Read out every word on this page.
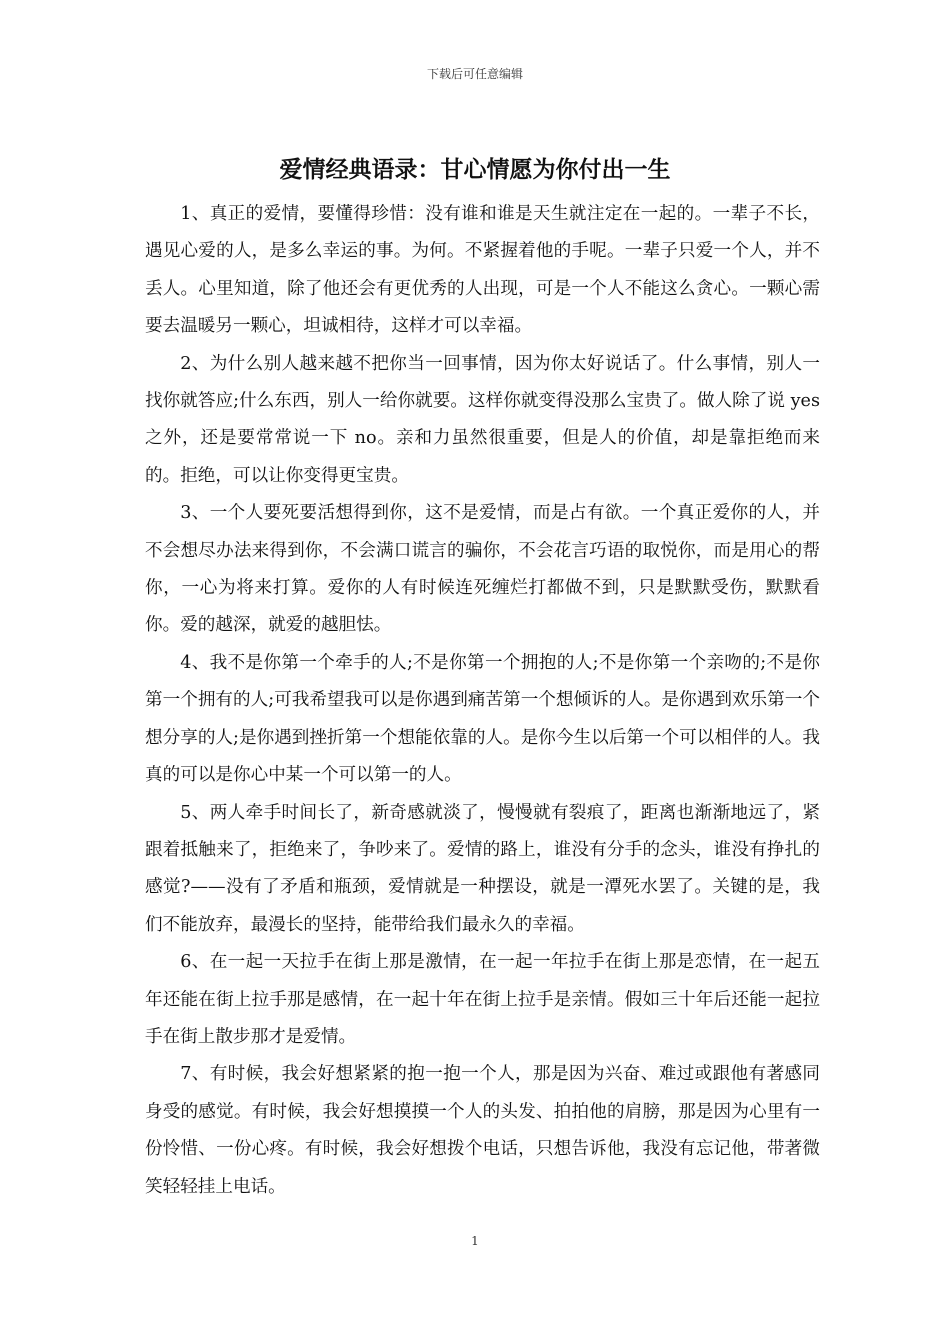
下载后可任意编辑
爱情经典语录：甘心情愿为你付出一生

1、真正的爱情，要懂得珍惜：没有谁和谁是天生就注定在一起的。一辈子不长，遇见心爱的人，是多么幸运的事。为何。不紧握着他的手呢。一辈子只爱一个人，并不丢人。心里知道，除了他还会有更优秀的人出现，可是一个人不能这么贪心。一颗心需要去温暖另一颗心，坦诚相待，这样才可以幸福。

2、为什么别人越来越不把你当一回事情，因为你太好说话了。什么事情，别人一找你就答应;什么东西，别人一给你就要。这样你就变得没那么宝贵了。做人除了说 yes 之外，还是要常常说一下 no。亲和力虽然很重要，但是人的价值，却是靠拒绝而来的。拒绝，可以让你变得更宝贵。

3、一个人要死要活想得到你，这不是爱情，而是占有欲。一个真正爱你的人，并不会想尽办法来得到你，不会满口谎言的骗你，不会花言巧语的取悦你，而是用心的帮你，一心为将来打算。爱你的人有时候连死缠烂打都做不到，只是默默受伤，默默看你。爱的越深，就爱的越胆怯。

4、我不是你第一个牵手的人;不是你第一个拥抱的人;不是你第一个亲吻的;不是你第一个拥有的人;可我希望我可以是你遇到痛苦第一个想倾诉的人。是你遇到欢乐第一个想分享的人;是你遇到挫折第一个想能依靠的人。是你今生以后第一个可以相伴的人。我真的可以是你心中某一个可以第一的人。

5、两人牵手时间长了，新奇感就淡了，慢慢就有裂痕了，距离也渐渐地远了，紧跟着抵触来了，拒绝来了，争吵来了。爱情的路上，谁没有分手的念头，谁没有挣扎的感觉?——没有了矛盾和瓶颈，爱情就是一种摆设，就是一潭死水罢了。关键的是，我们不能放弃，最漫长的坚持，能带给我们最永久的幸福。

6、在一起一天拉手在街上那是激情，在一起一年拉手在街上那是恋情，在一起五年还能在街上拉手那是感情，在一起十年在街上拉手是亲情。假如三十年后还能一起拉手在街上散步那才是爱情。

7、有时候，我会好想紧紧的抱一抱一个人，那是因为兴奋、难过或跟他有著感同身受的感觉。有时候，我会好想摸摸一个人的头发、拍拍他的肩膀，那是因为心里有一份怜惜、一份心疼。有时候，我会好想拨个电话，只想告诉他，我没有忘记他，带著微笑轻轻挂上电话。

1
